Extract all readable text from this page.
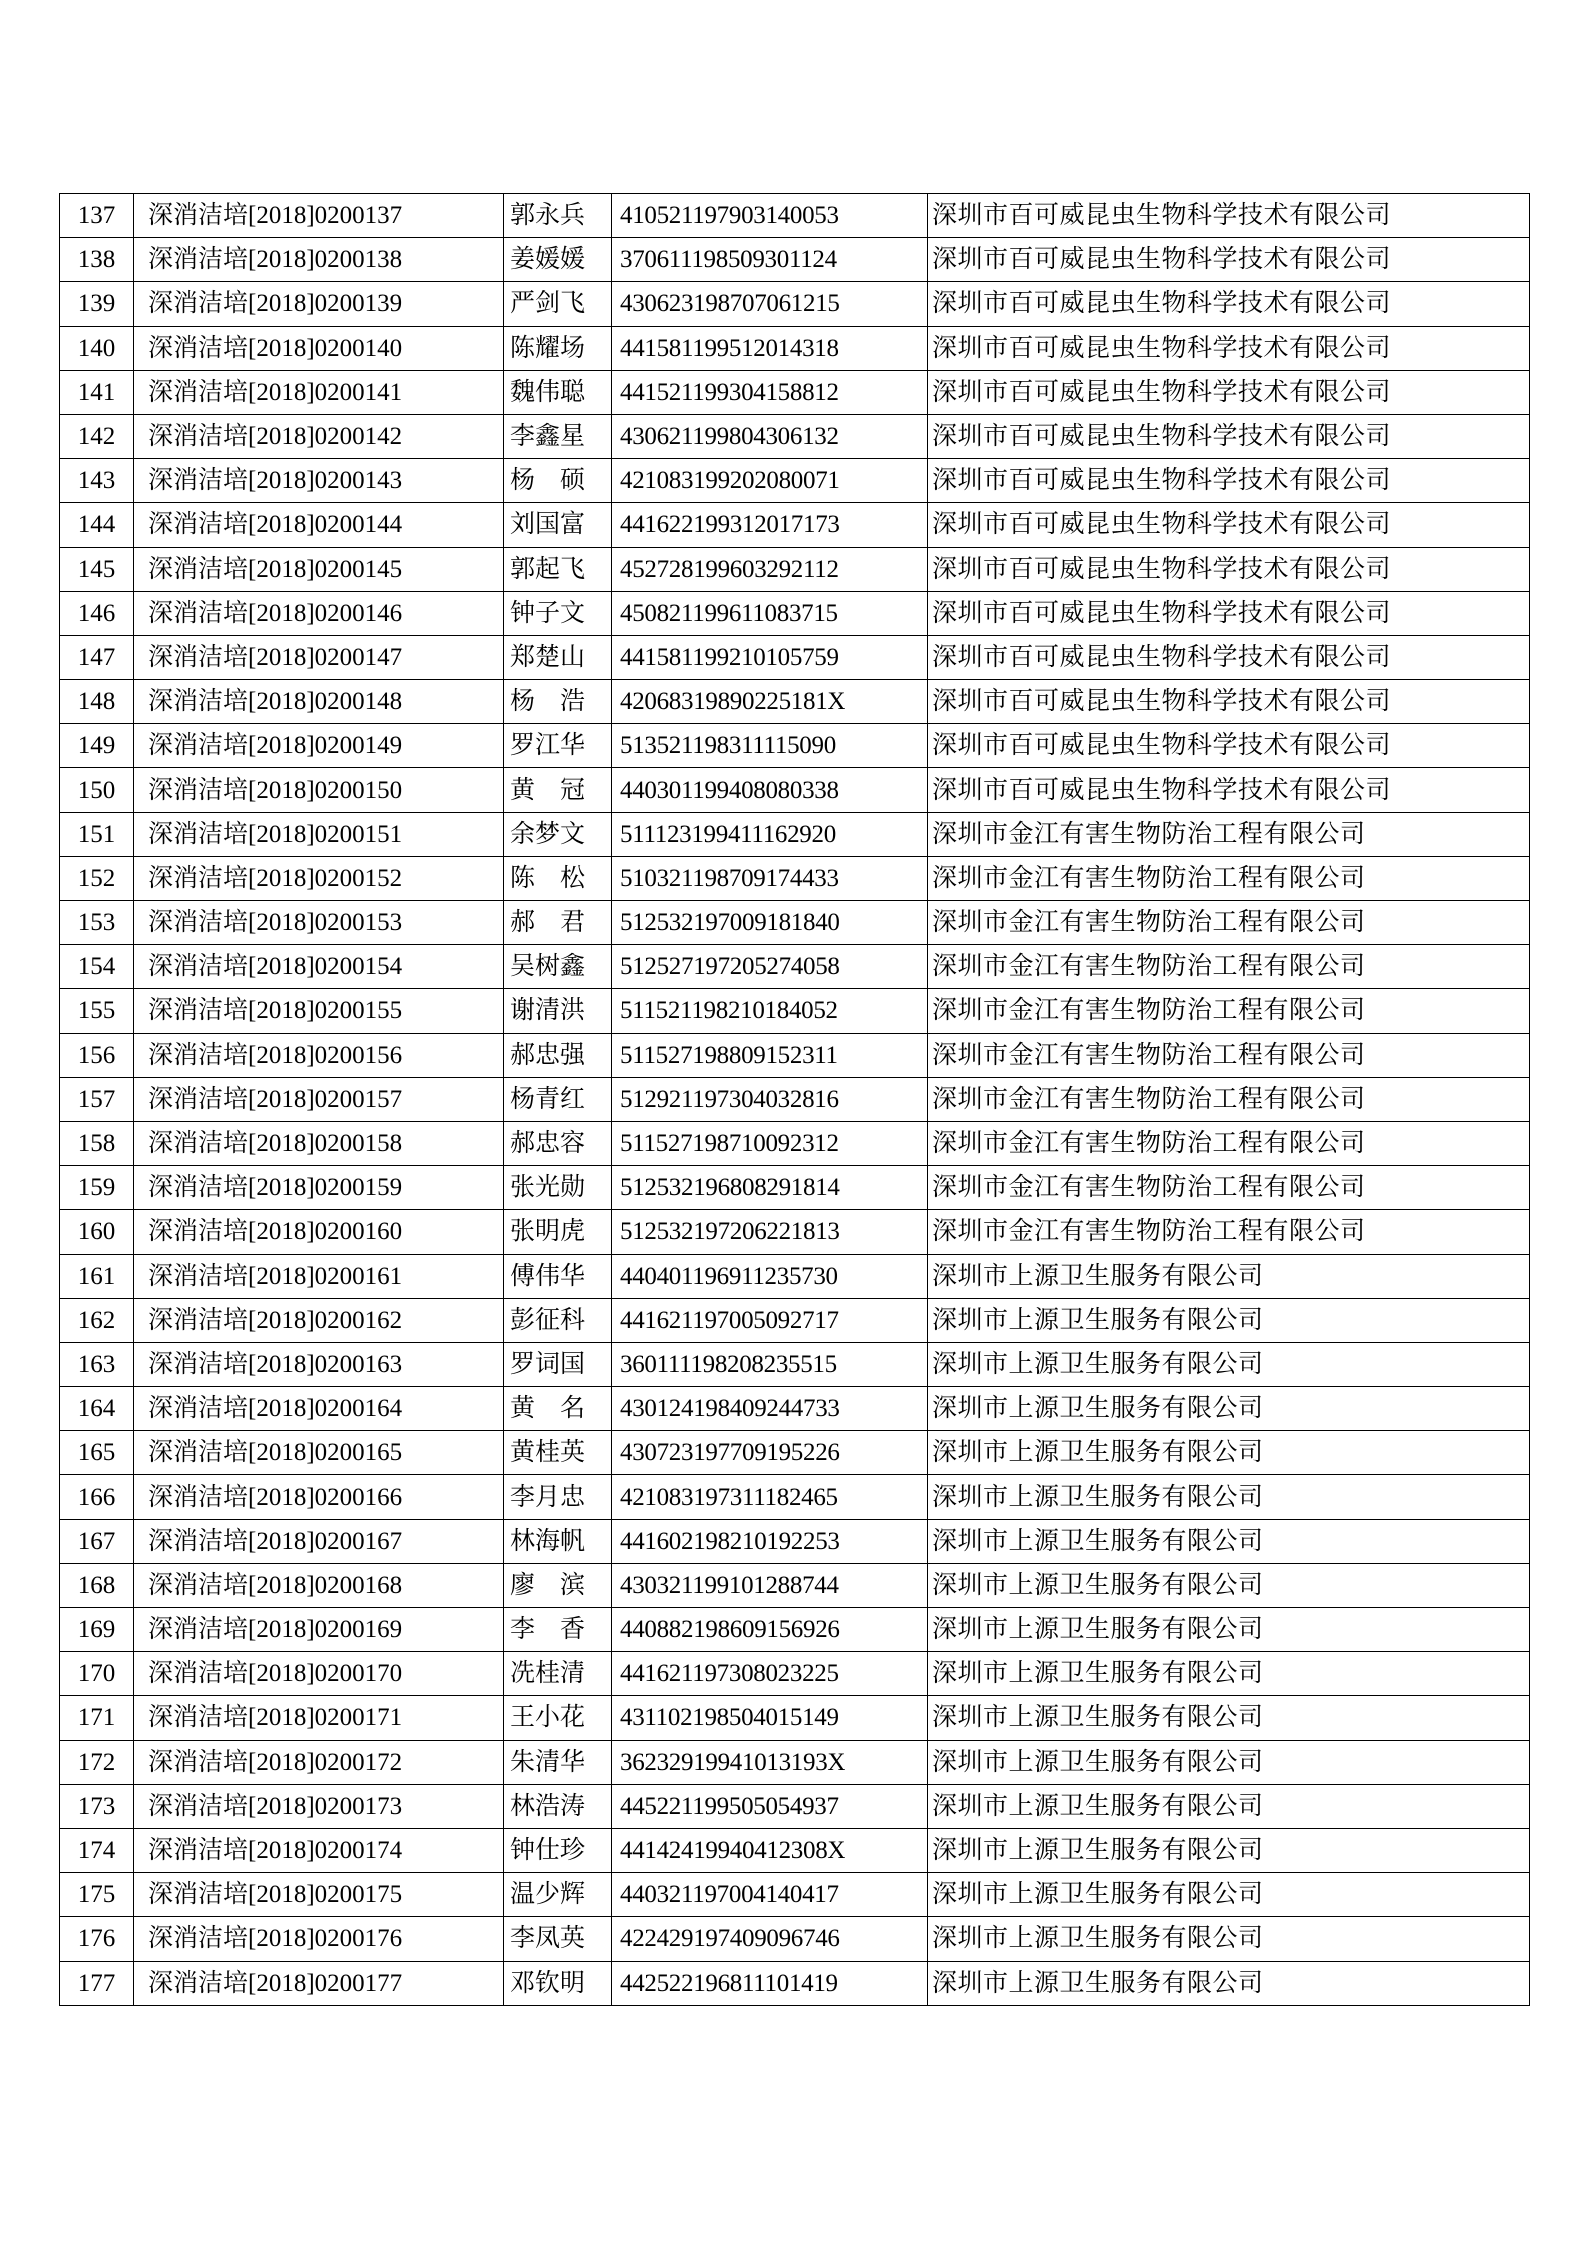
137	深消洁培[2018]0200137	郭永兵	410521197903140053	深圳市百可威昆虫生物科学技术有限公司
138	深消洁培[2018]0200138	姜媛媛	370611198509301124	深圳市百可威昆虫生物科学技术有限公司
139	深消洁培[2018]0200139	严剑飞	430623198707061215	深圳市百可威昆虫生物科学技术有限公司
140	深消洁培[2018]0200140	陈耀场	441581199512014318	深圳市百可威昆虫生物科学技术有限公司
141	深消洁培[2018]0200141	魏伟聪	441521199304158812	深圳市百可威昆虫生物科学技术有限公司
142	深消洁培[2018]0200142	李鑫星	430621199804306132	深圳市百可威昆虫生物科学技术有限公司
143	深消洁培[2018]0200143	杨　硕	421083199202080071	深圳市百可威昆虫生物科学技术有限公司
144	深消洁培[2018]0200144	刘国富	441622199312017173	深圳市百可威昆虫生物科学技术有限公司
145	深消洁培[2018]0200145	郭起飞	452728199603292112	深圳市百可威昆虫生物科学技术有限公司
146	深消洁培[2018]0200146	钟子文	450821199611083715	深圳市百可威昆虫生物科学技术有限公司
147	深消洁培[2018]0200147	郑楚山	441581199210105759	深圳市百可威昆虫生物科学技术有限公司
148	深消洁培[2018]0200148	杨　浩	42068319890225181X	深圳市百可威昆虫生物科学技术有限公司
149	深消洁培[2018]0200149	罗江华	513521198311115090	深圳市百可威昆虫生物科学技术有限公司
150	深消洁培[2018]0200150	黄　冠	440301199408080338	深圳市百可威昆虫生物科学技术有限公司
151	深消洁培[2018]0200151	余梦文	511123199411162920	深圳市金江有害生物防治工程有限公司
152	深消洁培[2018]0200152	陈　松	510321198709174433	深圳市金江有害生物防治工程有限公司
153	深消洁培[2018]0200153	郝　君	512532197009181840	深圳市金江有害生物防治工程有限公司
154	深消洁培[2018]0200154	吴树鑫	512527197205274058	深圳市金江有害生物防治工程有限公司
155	深消洁培[2018]0200155	谢清洪	511521198210184052	深圳市金江有害生物防治工程有限公司
156	深消洁培[2018]0200156	郝忠强	511527198809152311	深圳市金江有害生物防治工程有限公司
157	深消洁培[2018]0200157	杨青红	512921197304032816	深圳市金江有害生物防治工程有限公司
158	深消洁培[2018]0200158	郝忠容	511527198710092312	深圳市金江有害生物防治工程有限公司
159	深消洁培[2018]0200159	张光勋	512532196808291814	深圳市金江有害生物防治工程有限公司
160	深消洁培[2018]0200160	张明虎	512532197206221813	深圳市金江有害生物防治工程有限公司
161	深消洁培[2018]0200161	傅伟华	440401196911235730	深圳市上源卫生服务有限公司
162	深消洁培[2018]0200162	彭征科	441621197005092717	深圳市上源卫生服务有限公司
163	深消洁培[2018]0200163	罗词国	360111198208235515	深圳市上源卫生服务有限公司
164	深消洁培[2018]0200164	黄　名	430124198409244733	深圳市上源卫生服务有限公司
165	深消洁培[2018]0200165	黄桂英	430723197709195226	深圳市上源卫生服务有限公司
166	深消洁培[2018]0200166	李月忠	421083197311182465	深圳市上源卫生服务有限公司
167	深消洁培[2018]0200167	林海帆	441602198210192253	深圳市上源卫生服务有限公司
168	深消洁培[2018]0200168	廖　滨	430321199101288744	深圳市上源卫生服务有限公司
169	深消洁培[2018]0200169	李　香	440882198609156926	深圳市上源卫生服务有限公司
170	深消洁培[2018]0200170	冼桂清	441621197308023225	深圳市上源卫生服务有限公司
171	深消洁培[2018]0200171	王小花	431102198504015149	深圳市上源卫生服务有限公司
172	深消洁培[2018]0200172	朱清华	36232919941013193X	深圳市上源卫生服务有限公司
173	深消洁培[2018]0200173	林浩涛	445221199505054937	深圳市上源卫生服务有限公司
174	深消洁培[2018]0200174	钟仕珍	44142419940412308X	深圳市上源卫生服务有限公司
175	深消洁培[2018]0200175	温少辉	440321197004140417	深圳市上源卫生服务有限公司
176	深消洁培[2018]0200176	李凤英	422429197409096746	深圳市上源卫生服务有限公司
177	深消洁培[2018]0200177	邓钦明	442522196811101419	深圳市上源卫生服务有限公司
